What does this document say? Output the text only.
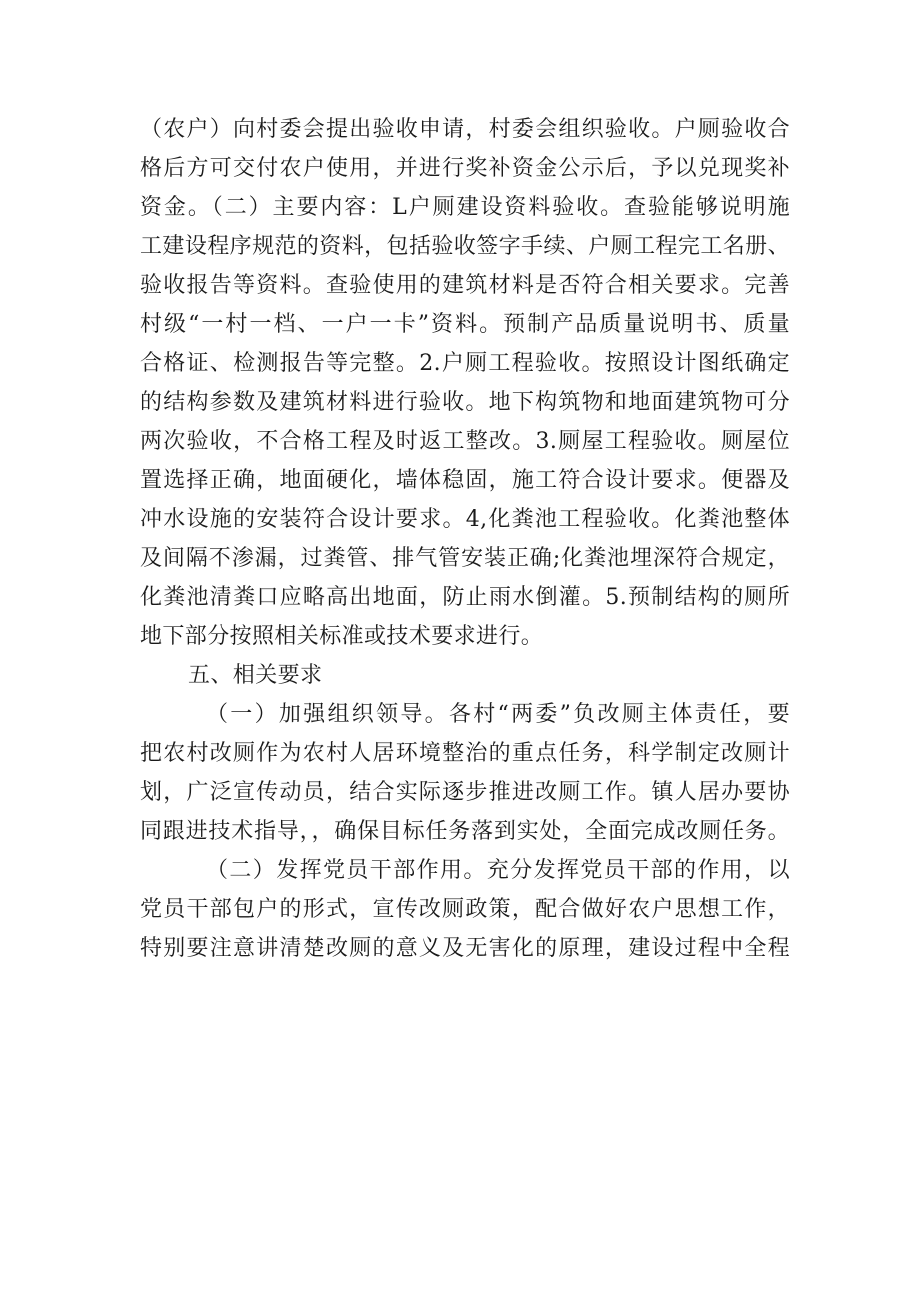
（农户）向村委会提出验收申请，村委会组织验收。户厕验收合
格后方可交付农户使用，并进行奖补资金公示后，予以兑现奖补
资金。（二）主要内容：L户厕建设资料验收。查验能够说明施
工建设程序规范的资料，包括验收签字手续、户厕工程完工名册、
验收报告等资料。查验使用的建筑材料是否符合相关要求。完善
村级“一村一档、一户一卡”资料。预制产品质量说明书、质量
合格证、检测报告等完整。2.户厕工程验收。按照设计图纸确定
的结构参数及建筑材料进行验收。地下构筑物和地面建筑物可分
两次验收，不合格工程及时返工整改。3.厕屋工程验收。厕屋位
置选择正确，地面硬化，墙体稳固，施工符合设计要求。便器及
冲水设施的安装符合设计要求。4,化粪池工程验收。化粪池整体
及间隔不渗漏，过粪管、排气管安装正确;化粪池埋深符合规定，
化粪池清粪口应略高出地面，防止雨水倒灌。5.预制结构的厕所
地下部分按照相关标准或技术要求进行。
五、相关要求
（一）加强组织领导。各村“两委”负改厕主体责任，要
把农村改厕作为农村人居环境整治的重点任务，科学制定改厕计
划，广泛宣传动员，结合实际逐步推进改厕工作。镇人居办要协
同跟进技术指导，，确保目标任务落到实处，全面完成改厕任务。
（二）发挥党员干部作用。充分发挥党员干部的作用，以
党员干部包户的形式，宣传改厕政策，配合做好农户思想工作，
特别要注意讲清楚改厕的意义及无害化的原理，建设过程中全程
